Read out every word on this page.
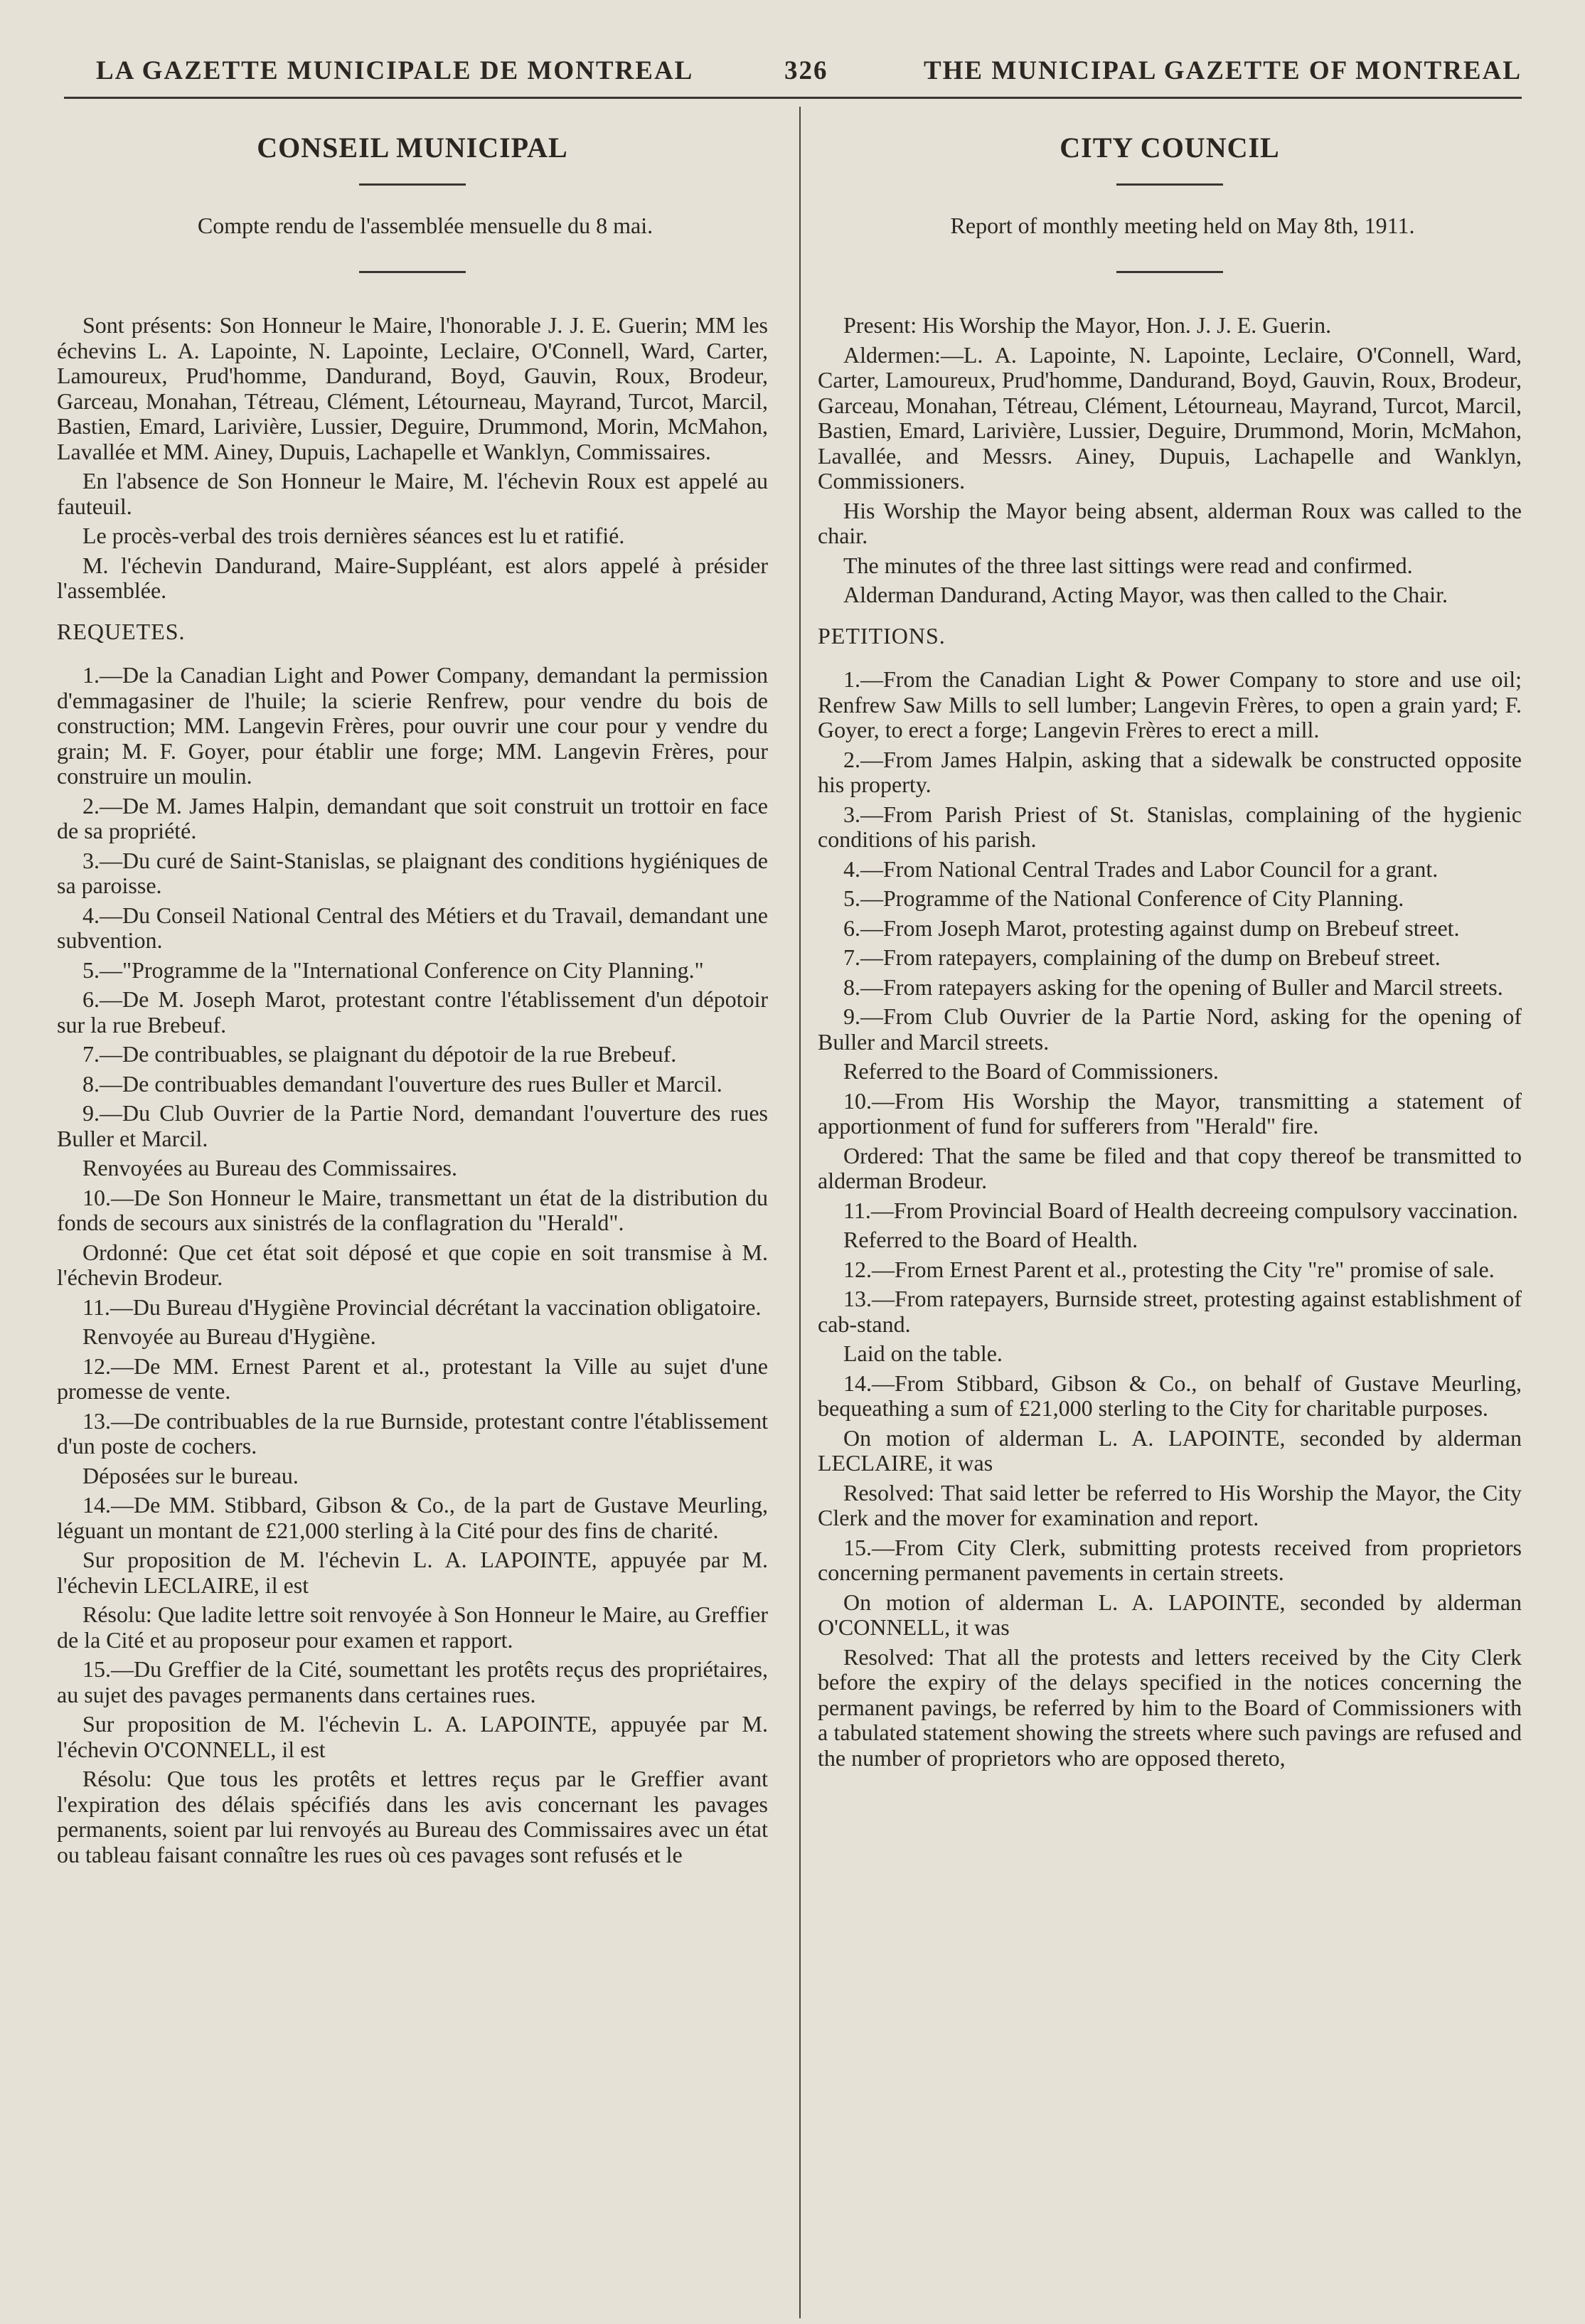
LA GAZETTE MUNICIPALE DE MONTREAL	326	THE MUNICIPAL GAZETTE OF MONTREAL
CONSEIL MUNICIPAL

Compte rendu de l'assemblée mensuelle du 8 mai.

Sont présents: Son Honneur le Maire, l'honorable J. J. E. Guerin; MM les échevins L. A. Lapointe, N. Lapointe, Leclaire, O'Connell, Ward, Carter, Lamoureux, Prud'homme, Dandurand, Boyd, Gauvin, Roux, Brodeur, Garceau, Monahan, Tétreau, Clément, Létourneau, Mayrand, Turcot, Marcil, Bastien, Emard, Larivière, Lussier, Deguire, Drummond, Morin, McMahon, Lavallée et MM. Ainey, Dupuis, Lachapelle et Wanklyn, Commissaires.

En l'absence de Son Honneur le Maire, M. l'échevin Roux est appelé au fauteuil.

Le procès-verbal des trois dernières séances est lu et ratifié.

M. l'échevin Dandurand, Maire-Suppléant, est alors appelé à présider l'assemblée.

REQUETES.

1.—De la Canadian Light and Power Company, demandant la permission d'emmagasiner de l'huile; la scierie Renfrew, pour vendre du bois de construction; MM. Langevin Frères, pour ouvrir une cour pour y vendre du grain; M. F. Goyer, pour établir une forge; MM. Langevin Frères, pour construire un moulin.

2.—De M. James Halpin, demandant que soit construit un trottoir en face de sa propriété.

3.—Du curé de Saint-Stanislas, se plaignant des conditions hygiéniques de sa paroisse.

4.—Du Conseil National Central des Métiers et du Travail, demandant une subvention.

5.—"Programme de la "International Conference on City Planning."

6.—De M. Joseph Marot, protestant contre l'établissement d'un dépotoir sur la rue Brebeuf.

7.—De contribuables, se plaignant du dépotoir de la rue Brebeuf.

8.—De contribuables demandant l'ouverture des rues Buller et Marcil.

9.—Du Club Ouvrier de la Partie Nord, demandant l'ouverture des rues Buller et Marcil.

Renvoyées au Bureau des Commissaires.

10.—De Son Honneur le Maire, transmettant un état de la distribution du fonds de secours aux sinistrés de la conflagration du "Herald".

Ordonné: Que cet état soit déposé et que copie en soit transmise à M. l'échevin Brodeur.

11.—Du Bureau d'Hygiène Provincial décrétant la vaccination obligatoire.

Renvoyée au Bureau d'Hygiène.

12.—De MM. Ernest Parent et al., protestant la Ville au sujet d'une promesse de vente.

13.—De contribuables de la rue Burnside, protestant contre l'établissement d'un poste de cochers.

Déposées sur le bureau.

14.—De MM. Stibbard, Gibson & Co., de la part de Gustave Meurling, léguant un montant de £21,000 sterling à la Cité pour des fins de charité.

Sur proposition de M. l'échevin L. A. LAPOINTE, appuyée par M. l'échevin LECLAIRE, il est

Résolu: Que ladite lettre soit renvoyée à Son Honneur le Maire, au Greffier de la Cité et au proposeur pour examen et rapport.

15.—Du Greffier de la Cité, soumettant les protêts reçus des propriétaires, au sujet des pavages permanents dans certaines rues.

Sur proposition de M. l'échevin L. A. LAPOINTE, appuyée par M. l'échevin O'CONNELL, il est

Résolu: Que tous les protêts et lettres reçus par le Greffier avant l'expiration des délais spécifiés dans les avis concernant les pavages permanents, soient par lui renvoyés au Bureau des Commissaires avec un état ou tableau faisant connaître les rues où ces pavages sont refusés et le

CITY COUNCIL

Report of monthly meeting held on May 8th, 1911.

Present: His Worship the Mayor, Hon. J. J. E. Guerin.

Aldermen:—L. A. Lapointe, N. Lapointe, Leclaire, O'Connell, Ward, Carter, Lamoureux, Prud'homme, Dandurand, Boyd, Gauvin, Roux, Brodeur, Garceau, Monahan, Tétreau, Clément, Létourneau, Mayrand, Turcot, Marcil, Bastien, Emard, Larivière, Lussier, Deguire, Drummond, Morin, McMahon, Lavallée, and Messrs. Ainey, Dupuis, Lachapelle and Wanklyn, Commissioners.

His Worship the Mayor being absent, alderman Roux was called to the chair.

The minutes of the three last sittings were read and confirmed.

Alderman Dandurand, Acting Mayor, was then called to the Chair.

PETITIONS.

1.—From the Canadian Light & Power Company to store and use oil; Renfrew Saw Mills to sell lumber; Langevin Frères, to open a grain yard; F. Goyer, to erect a forge; Langevin Frères to erect a mill.

2.—From James Halpin, asking that a sidewalk be constructed opposite his property.

3.—From Parish Priest of St. Stanislas, complaining of the hygienic conditions of his parish.

4.—From National Central Trades and Labor Council for a grant.

5.—Programme of the National Conference of City Planning.

6.—From Joseph Marot, protesting against dump on Brebeuf street.

7.—From ratepayers, complaining of the dump on Brebeuf street.

8.—From ratepayers asking for the opening of Buller and Marcil streets.

9.—From Club Ouvrier de la Partie Nord, asking for the opening of Buller and Marcil streets.

Referred to the Board of Commissioners.

10.—From His Worship the Mayor, transmitting a statement of apportionment of fund for sufferers from "Herald" fire.

Ordered: That the same be filed and that copy thereof be transmitted to alderman Brodeur.

11.—From Provincial Board of Health decreeing compulsory vaccination.

Referred to the Board of Health.

12.—From Ernest Parent et al., protesting the City "re" promise of sale.

13.—From ratepayers, Burnside street, protesting against establishment of cab-stand.

Laid on the table.

14.—From Stibbard, Gibson & Co., on behalf of Gustave Meurling, bequeathing a sum of £21,000 sterling to the City for charitable purposes.

On motion of alderman L. A. LAPOINTE, seconded by alderman LECLAIRE, it was

Resolved: That said letter be referred to His Worship the Mayor, the City Clerk and the mover for examination and report.

15.—From City Clerk, submitting protests received from proprietors concerning permanent pavements in certain streets.

On motion of alderman L. A. LAPOINTE, seconded by alderman O'CONNELL, it was

Resolved: That all the protests and letters received by the City Clerk before the expiry of the delays specified in the notices concerning the permanent pavings, be referred by him to the Board of Commissioners with a tabulated statement showing the streets where such pavings are refused and the number of proprietors who are opposed thereto,
